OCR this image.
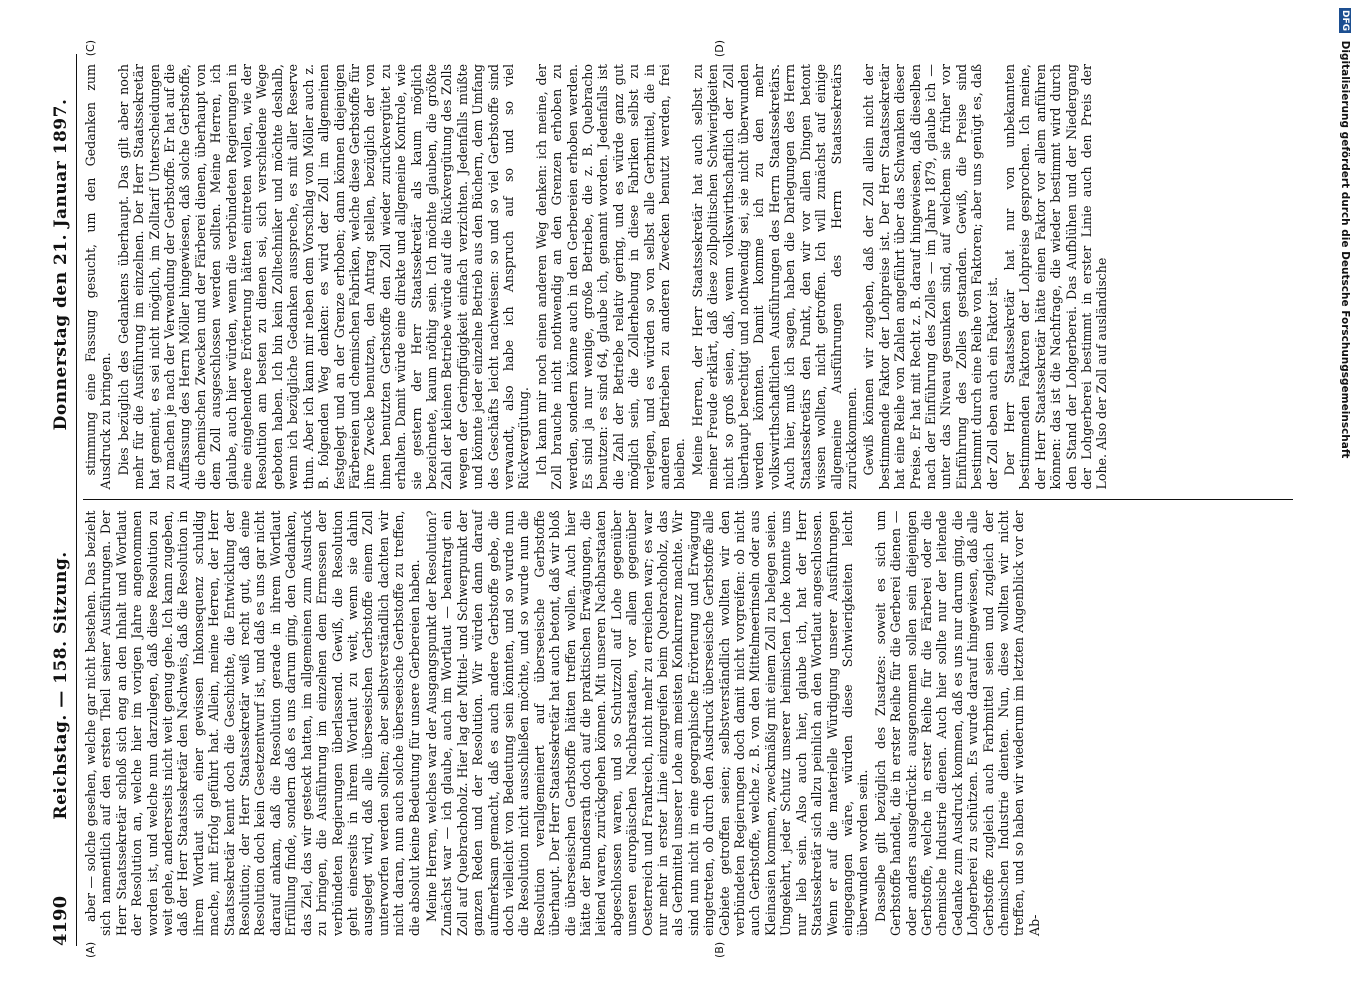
4190
Reichstag. — 158. Sitzung.
Donnerstag den 21. Januar 1897.
(A)	(B)

aber — solche gesehen, welche gar nicht bestehen. Das bezieht sich namentlich auf den ersten Theil seiner Ausführungen. Der Herr Staatssekretär schloß sich eng an den Inhalt und Wortlaut der Resolution an, welche hier im vorigen Jahre angenommen worden ist, und welche nun darzulegen, daß diese Resolution zu weit gehe, andererseits nicht weit genug gehe. Ich kann zugeben, daß der Herr Staatssekretär den Nachweis, daß die Resolution in ihrem Wortlaut sich einer gewissen Inkonsequenz schuldig mache, mit Erfolg geführt hat. Allein, meine Herren, der Herr Staatssekretär kennt doch die Geschichte, die Entwicklung der Resolution; der Herr Staatssekretär weiß recht gut, daß eine Resolution doch kein Gesetzentwurf ist, und daß es uns gar nicht darauf ankam, daß die Resolution gerade in ihrem Wortlaut Erfüllung finde, sondern daß es uns darum ging, den Gedanken, das Ziel, das wir gesteckt hatten, im allgemeinen zum Ausdruck zu bringen, die Ausführung im einzelnen dem Ermessen der verbündeten Regierungen überlassend. Gewiß, die Resolution geht einerseits in ihrem Wortlaut zu weit, wenn sie dahin ausgelegt wird, daß alle überseeischen Gerbstoffe einem Zoll unterworfen werden sollten; aber selbstverständlich dachten wir nicht daran, nun auch solche überseeische Gerbstoffe zu treffen, die absolut keine Bedeutung für unsere Gerbereien haben. Meine Herren, welches war der Ausgangspunkt der Resolution? Zunächst war — ich glaube, auch im Wortlaut — beantragt ein Zoll auf Quebrachoholz. Hier lag der Mittel- und Schwerpunkt der ganzen Reden und der Resolution. Wir würden dann darauf aufmerksam gemacht, daß es auch andere Gerbstoffe gebe, die doch vielleicht von Bedeutung sein könnten, und so wurde nun die Resolution nicht ausschließen möchte, und so wurde nun die Resolution verallgemeinert auf überseeische Gerbstoffe überhaupt. Der Herr Staatssekretär hat auch betont, daß wir bloß die überseeischen Gerbstoffe hätten treffen wollen. Auch hier hätte der Bundesrath doch auf die praktischen Erwägungen, die leitend waren, zurückgehen können. Mit unseren Nachbarstaaten abgeschlossen waren, und so Schutzzoll auf Lohe gegenüber unseren europäischen Nachbarstaaten, vor allem gegenüber Oesterreich und Frankreich, nicht mehr zu erreichen war; es war nur mehr in erster Linie einzugreifen beim Quebrachoholz, das als Gerbmittel unserer Lohe am meisten Konkurrenz machte. Wir sind nun nicht in eine geographische Erörterung und Erwägung eingetreten, ob durch den Ausdruck überseeische Gerbstoffe alle Gebiete getroffen seien; selbstverständlich wollten wir den verbündeten Regierungen doch damit nicht vorgreifen: ob nicht auch Gerbstoffe, welche z. B. von den Mittelmeerinseln oder aus Kleinasien kommen, zweckmäßig mit einem Zoll zu belegen seien. Umgekehrt, jeder Schutz unserer heimischen Lohe konnte uns nur lieb sein. Also auch hier, glaube ich, hat der Herr Staatssekretär sich allzu peinlich an den Wortlaut angeschlossen. Wenn er auf die materielle Würdigung unserer Ausführungen eingegangen wäre, würden diese Schwierigkeiten leicht überwunden worden sein. Dasselbe gilt bezüglich des Zusatzes: soweit es sich um Gerbstoffe handelt, die in erster Reihe für die Gerberei dienen — oder anders ausgedrückt: ausgenommen sollen sein diejenigen Gerbstoffe, welche in erster Reihe für die Färberei oder die chemische Industrie dienen. Auch hier sollte nur der leitende Gedanke zum Ausdruck kommen, daß es uns nur darum ging, die Lohgerberei zu schützen. Es wurde darauf hingewiesen, daß alle Gerbstoffe zugleich auch Farbmittel seien und zugleich der chemischen Industrie dienten. Nun, diese wollten wir nicht treffen, und so haben wir wiederum im letzten Augenblick vor der Ab-

(C)	(D)

stimmung eine Fassung gesucht, um den Gedanken zum Ausdruck zu bringen. Dies bezüglich des Gedankens überhaupt. Das gilt aber noch mehr für die Ausführung im einzelnen. Der Herr Staatssekretär hat gemeint, es sei nicht möglich, im Zolltarif Unterscheidungen zu machen je nach der Verwendung der Gerbstoffe. Er hat auf die Auffassung des Herrn Möller hingewiesen, daß solche Gerbstoffe, die chemischen Zwecken und der Färberei dienen, überhaupt von dem Zoll ausgeschlossen werden sollten. Meine Herren, ich glaube, auch hier würden, wenn die verbündeten Regierungen in eine eingehendere Erörterung hätten eintreten wollen, wie der Resolution am besten zu dienen sei, sich verschiedene Wege geboten haben. Ich bin kein Zolltechniker und möchte deshalb, wenn ich bezügliche Gedanken ausspreche, es mit aller Reserve thun. Aber ich kann mir neben dem Vorschlag von Möller auch z. B. folgenden Weg denken: es wird der Zoll im allgemeinen festgelegt und an der Grenze erhoben; dann können diejenigen Färbereien und chemischen Fabriken, welche diese Gerbstoffe für ihre Zwecke benutzen, den Antrag stellen, bezüglich der von ihnen benutzten Gerbstoffe den Zoll wieder zurückvergütet zu erhalten. Damit würde eine direkte und allgemeine Kontrole, wie sie gestern der Herr Staatssekretär als kaum möglich bezeichnete, kaum nöthig sein. Ich möchte glauben, die größte Zahl der kleinen Betriebe würde auf die Rückvergütung des Zolls wegen der Geringfügigkeit einfach verzichten. Jedenfalls müßte und könnte jeder einzelne Betrieb aus den Büchern, dem Umfang des Geschäfts leicht nachweisen: so und so viel Gerbstoffe sind verwandt, also habe ich Anspruch auf so und so viel Rückvergütung. Ich kann mir noch einen anderen Weg denken: ich meine, der Zoll brauche nicht nothwendig an den Grenzen erhoben zu werden, sondern könne auch in den Gerbereien erhoben werden. Es sind ja nur wenige, große Betriebe, die z. B. Quebracho benutzen: es sind 64, glaube ich, genannt worden. Jedenfalls ist die Zahl der Betriebe relativ gering, und es würde ganz gut möglich sein, die Zollerhebung in diese Fabriken selbst zu verlegen, und es würden so von selbst alle Gerbmittel, die in anderen Betrieben zu anderen Zwecken benutzt werden, frei bleiben. Meine Herren, der Herr Staatssekretär hat auch selbst zu meiner Freude erklärt, daß diese zollpolitischen Schwierigkeiten nicht so groß seien, daß, wenn volkswirthschaftlich der Zoll überhaupt berechtigt und nothwendig sei, sie nicht überwunden werden könnten. Damit komme ich zu den mehr volkswirthschaftlichen Ausführungen des Herrn Staatssekretärs. Auch hier, muß ich sagen, haben die Darlegungen des Herrn Staatssekretärs den Punkt, den wir vor allen Dingen betont wissen wollten, nicht getroffen. Ich will zunächst auf einige allgemeine Ausführungen des Herrn Staatssekretärs zurückkommen. Gewiß können wir zugeben, daß der Zoll allein nicht der bestimmende Faktor der Lohpreise ist. Der Herr Staatssekretär hat eine Reihe von Zahlen angeführt über das Schwanken dieser Preise. Er hat mit Recht z. B. darauf hingewiesen, daß dieselben nach der Einführung des Zolles — im Jahre 1879, glaube ich — unter das Niveau gesunken sind, auf welchem sie früher vor Einführung des Zolles gestanden. Gewiß, die Preise sind bestimmt durch eine Reihe von Faktoren; aber uns genügt es, daß der Zoll eben auch ein Faktor ist. Der Herr Staatssekretär hat nur von unbekannten bestimmenden Faktoren der Lohpreise gesprochen. Ich meine, der Herr Staatssekretär hätte einen Faktor vor allem anführen können: das ist die Nachfrage, die wieder bestimmt wird durch den Stand der Lohgerberei. Das Aufblühen und der Niedergang der Lohgerberei bestimmt in erster Linie auch den Preis der Lohe. Also der Zoll auf ausländische

DFG Digitalisierung gefördert durch die Deutsche Forschungsgemeinschaft
